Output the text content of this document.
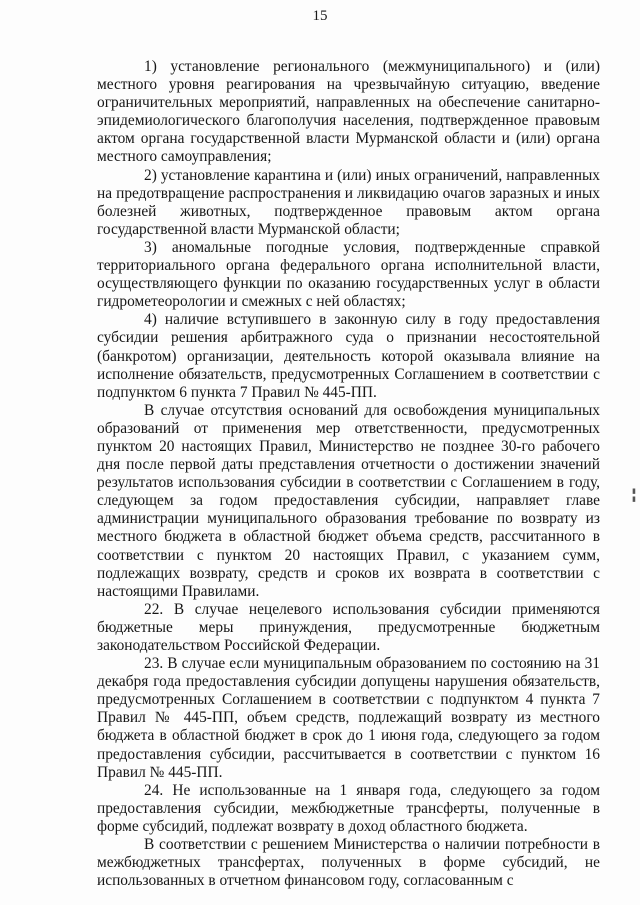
15

1) установление регионального (межмуниципального) и (или) местного уровня реагирования на чрезвычайную ситуацию, введение ограничительных мероприятий, направленных на обеспечение санитарно-эпидемиологического благополучия населения, подтвержденное правовым актом органа государственной власти Мурманской области и (или) органа местного самоуправления;

2) установление карантина и (или) иных ограничений, направленных на предотвращение распространения и ликвидацию очагов заразных и иных болезней животных, подтвержденное правовым актом органа государственной власти Мурманской области;

3) аномальные погодные условия, подтвержденные справкой территориального органа федерального органа исполнительной власти, осуществляющего функции по оказанию государственных услуг в области гидрометеорологии и смежных с ней областях;

4) наличие вступившего в законную силу в году предоставления субсидии решения арбитражного суда о признании несостоятельной (банкротом) организации, деятельность которой оказывала влияние на исполнение обязательств, предусмотренных Соглашением в соответствии с подпунктом 6 пункта 7 Правил № 445-ПП.

В случае отсутствия оснований для освобождения муниципальных образований от применения мер ответственности, предусмотренных пунктом 20 настоящих Правил, Министерство не позднее 30-го рабочего дня после первой даты представления отчетности о достижении значений результатов использования субсидии в соответствии с Соглашением в году, следующем за годом предоставления субсидии, направляет главе администрации муниципального образования требование по возврату из местного бюджета в областной бюджет объема средств, рассчитанного в соответствии с пунктом 20 настоящих Правил, с указанием сумм, подлежащих возврату, средств и сроков их возврата в соответствии с настоящими Правилами.

22. В случае нецелевого использования субсидии применяются бюджетные меры принуждения, предусмотренные бюджетным законодательством Российской Федерации.

23. В случае если муниципальным образованием по состоянию на 31 декабря года предоставления субсидии допущены нарушения обязательств, предусмотренных Соглашением в соответствии с подпунктом 4 пункта 7 Правил № 445-ПП, объем средств, подлежащий возврату из местного бюджета в областной бюджет в срок до 1 июня года, следующего за годом предоставления субсидии, рассчитывается в соответствии с пунктом 16 Правил № 445-ПП.

24. Не использованные на 1 января года, следующего за годом предоставления субсидии, межбюджетные трансферты, полученные в форме субсидий, подлежат возврату в доход областного бюджета.

В соответствии с решением Министерства о наличии потребности в межбюджетных трансфертах, полученных в форме субсидий, не использованных в отчетном финансовом году, согласованным с

▮▮
